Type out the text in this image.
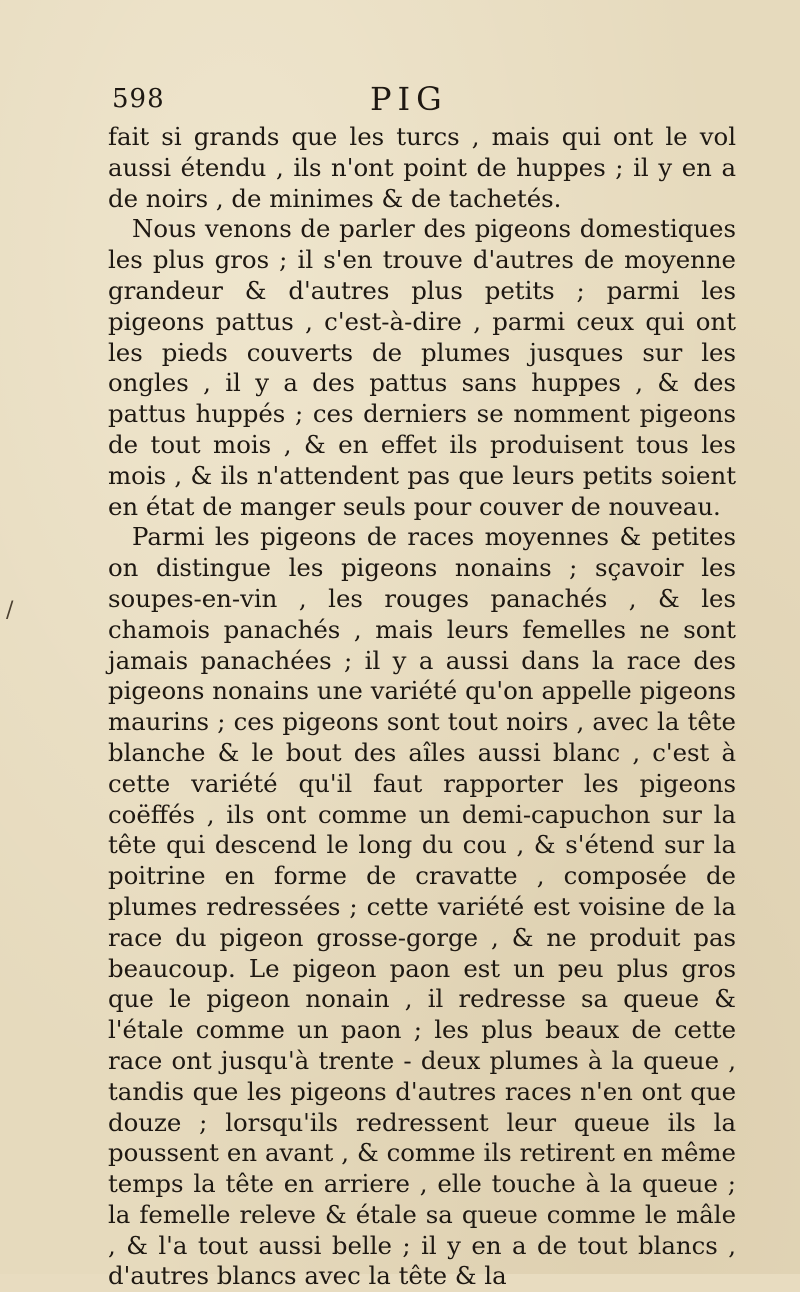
598	PIG
/

fait si grands que les turcs , mais qui ont le vol aussi étendu , ils n'ont point de huppes ; il y en a de noirs , de minimes & de tachetés.

Nous venons de parler des pigeons domestiques les plus gros ; il s'en trouve d'autres de moyenne grandeur & d'autres plus petits ; parmi les pigeons pattus , c'est-à-dire , parmi ceux qui ont les pieds couverts de plumes jusques sur les ongles , il y a des pattus sans huppes , & des pattus huppés ; ces derniers se nomment pigeons de tout mois , & en effet ils produisent tous les mois , & ils n'attendent pas que leurs petits soient en état de manger seuls pour couver de nouveau.

Parmi les pigeons de races moyennes & petites on distingue les pigeons nonains ; sçavoir les soupes-en-vin , les rouges panachés , & les chamois panachés , mais leurs femelles ne sont jamais panachées ; il y a aussi dans la race des pigeons nonains une variété qu'on appelle pigeons maurins ; ces pigeons sont tout noirs , avec la tête blanche & le bout des aîles aussi blanc , c'est à cette variété qu'il faut rapporter les pigeons coëffés , ils ont comme un demi-capuchon sur la tête qui descend le long du cou , & s'étend sur la poitrine en forme de cravatte , composée de plumes redressées ; cette variété est voisine de la race du pigeon grosse-gorge , & ne produit pas beaucoup. Le pigeon paon est un peu plus gros que le pigeon nonain , il redresse sa queue & l'étale comme un paon ; les plus beaux de cette race ont jusqu'à trente - deux plumes à la queue , tandis que les pigeons d'autres races n'en ont que douze ; lorsqu'ils redressent leur queue ils la poussent en avant , & comme ils retirent en même temps la tête en arriere , elle touche à la queue ; la femelle releve & étale sa queue comme le mâle , & l'a tout aussi belle ; il y en a de tout blancs , d'autres blancs avec la tête & la
